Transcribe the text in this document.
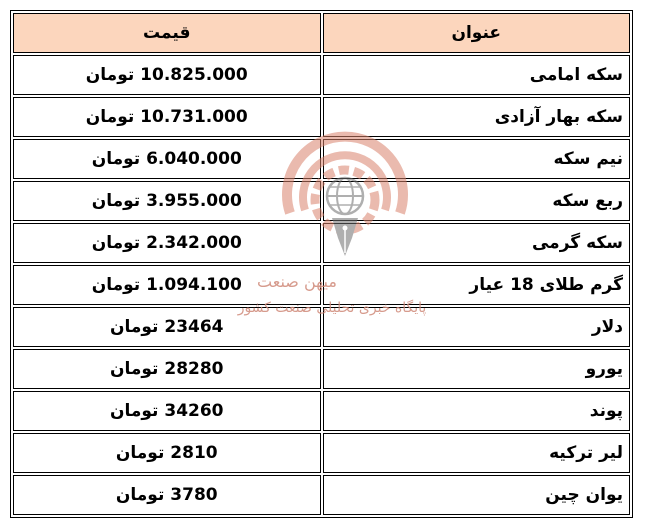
عنوان	قیمت
سکه امامی	10.825.000 تومان
سکه بهار آزادی	10.731.000 تومان
نیم سکه	6.040.000 تومان
ربع سکه	3.955.000 تومان
سکه گرمی	2.342.000 تومان
گرم طلای 18 عیار	1.094.100 تومان
دلار	23464 تومان
یورو	28280 تومان
پوند	34260 تومان
لیر ترکیه	2810 تومان
یوان چین	3780 تومان
میهن صنعت
پایگاه خبری تحلیلی صنعت کشور
